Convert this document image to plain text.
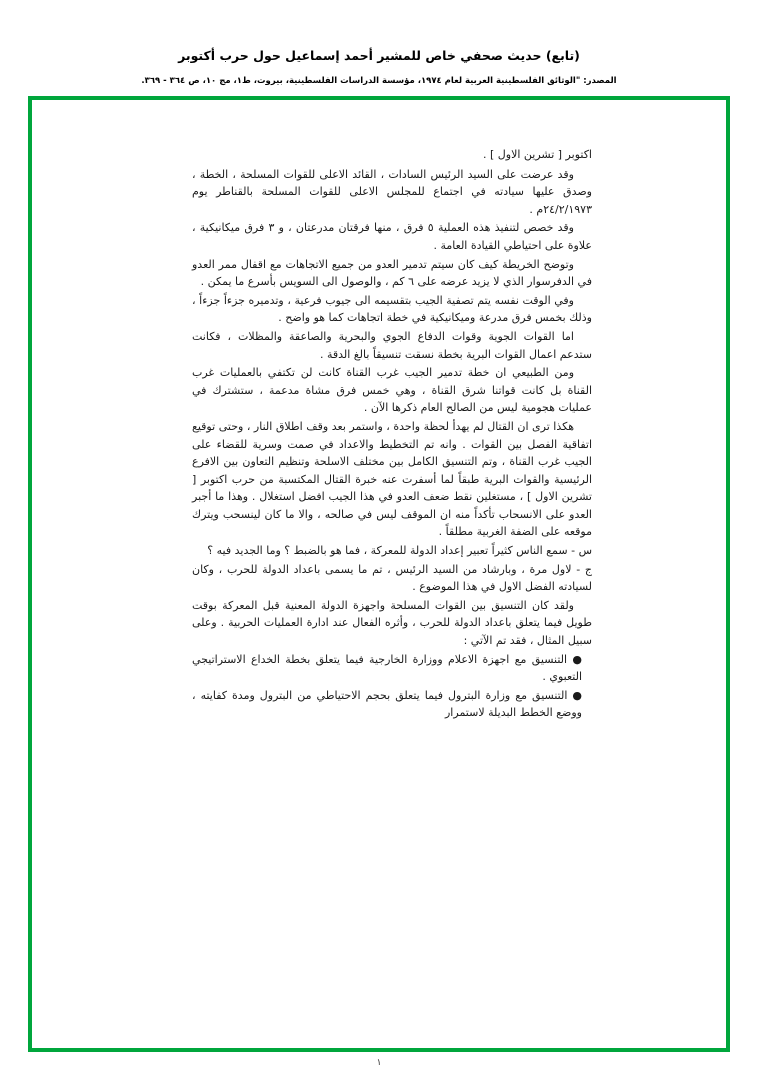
(تابع) حديث صحفي خاص للمشير أحمد إسماعيل حول حرب أكتوبر
المصدر: "الوثائق الفلسطينية العربية لعام ١٩٧٤، مؤسسة الدراسات الفلسطينية، بيروت، ط١، مج ١٠، ص ٣٦٤ - ٣٦٩.

اكتوبر [ تشرين الاول ] .

وقد عرضت على السيد الرئيس السادات ، القائد الاعلى للقوات المسلحة ، الخطة ، وصدق عليها سيادته في اجتماع للمجلس الاعلى للقوات المسلحة بالقناطر يوم ٢٤/٢/١٩٧٣م .

وقد خصص لتنفيذ هذه العملية ٥ فرق ، منها فرقتان مدرعتان ، و ٣ فرق ميكانيكية ، علاوة على احتياطي القيادة العامة .

وتوضح الخريطة كيف كان سيتم تدمير العدو من جميع الاتجاهات مع اقفال ممر العدو في الدفرسوار الذي لا يزيد عرضه على ٦ كم ، والوصول الى السويس بأسرع ما يمكن .

وفي الوقت نفسه يتم تصفية الجيب بتقسيمه الى جيوب فرعية ، وتدميره جزءاً جزءاً ، وذلك بخمس فرق مدرعة وميكانيكية في خطة اتجاهات كما هو واضح .

اما القوات الجوية وقوات الدفاع الجوي والبحرية والصاعقة والمظلات ، فكانت ستدعم اعمال القوات البرية بخطة نسقت تنسيقاً بالغ الدقة .

ومن الطبيعي ان خطة تدمير الجيب غرب القناة كانت لن تكتفي بالعمليات غرب القناة بل كانت قواتنا شرق القناة ، وهي خمس فرق مشاة مدعمة ، ستشترك في عمليات هجومية ليس من الصالح العام ذكرها الآن .

هكذا ترى ان القتال لم يهدأ لحظة واحدة ، واستمر بعد وقف اطلاق النار ، وحتى توقيع اتفاقية الفصل بين القوات . وانه تم التخطيط والاعداد في صمت وسرية للقضاء على الجيب غرب القناة ، وتم التنسيق الكامل بين مختلف الاسلحة وتنظيم التعاون بين الافرع الرئيسية والقوات البرية طبقاً لما أسفرت عنه خبرة القتال المكتسبة من حرب اكتوبر [ تشرين الاول ] ، مستغلين نقط ضعف العدو في هذا الجيب افضل استغلال . وهذا ما أجبر العدو على الانسحاب تأكداً منه ان الموقف ليس في صالحه ، والا ما كان لينسحب ويترك موقعه على الضفة الغربية مطلقاً .

س - سمع الناس كثيراً تعبير إعداد الدولة للمعركة ، فما هو بالضبط ؟ وما الجديد فيه ؟

ج - لاول مرة ، وبارشاد من السيد الرئيس ، تم ما يسمى باعداد الدولة للحرب ، وكان لسيادته الفضل الاول في هذا الموضوع .

ولقد كان التنسيق بين القوات المسلحة واجهزة الدولة المعنية قبل المعركة بوقت طويل فيما يتعلق باعداد الدولة للحرب ، وأثره الفعال عند ادارة العمليات الحربية . وعلى سبيل المثال ، فقد تم الآتي :

● التنسيق مع اجهزة الاعلام ووزارة الخارجية فيما يتعلق بخطة الخداع الاستراتيجي التعبوي .

● التنسيق مع وزارة البترول فيما يتعلق بحجم الاحتياطي من البترول ومدة كفايته ، ووضع الخطط البديلة لاستمرار

١
